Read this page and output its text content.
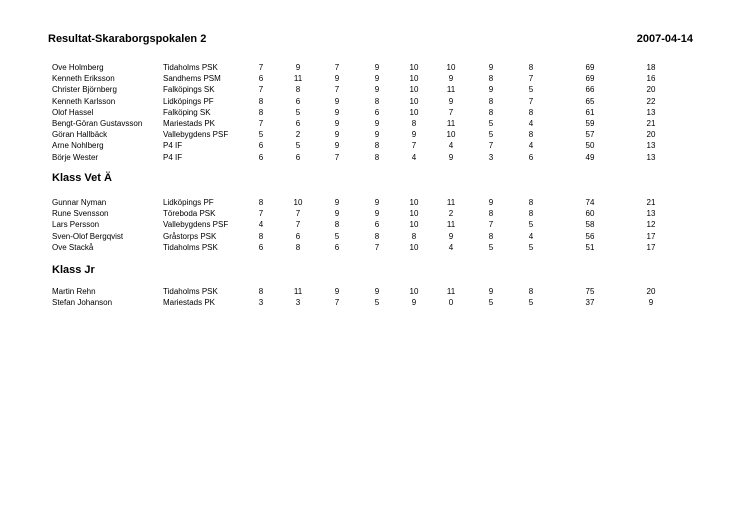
Resultat-Skaraborgspokalen 2	2007-04-14
Ove Holmberg	Tidaholms PSK	7	9	7	9	10	10	9	8	69	18
Kenneth Eriksson	Sandhems PSM	6	11	9	9	10	9	8	7	69	16
Christer Björnberg	Falköpings SK	7	8	7	9	10	11	9	5	66	20
Kenneth Karlsson	Lidköpings PF	8	6	9	8	10	9	8	7	65	22
Olof Hassel	Falköping SK	8	5	9	6	10	7	8	8	61	13
Bengt-Göran Gustavsson	Mariestads PK	7	6	9	9	8	11	5	4	59	21
Göran Hallbäck	Vallebygdens PSF	5	2	9	9	9	10	5	8	57	20
Arne Nohlberg	P4 IF	6	5	9	8	7	4	7	4	50	13
Börje Wester	P4 IF	6	6	7	8	4	9	3	6	49	13
Klass Vet Ä
Gunnar Nyman	Lidköpings PF	8	10	9	9	10	11	9	8	74	21
Rune Svensson	Töreboda PSK	7	7	9	9	10	2	8	8	60	13
Lars Persson	Vallebygdens PSF	4	7	8	6	10	11	7	5	58	12
Sven-Olof Bergqvist	Gråstorps PSK	8	6	5	8	8	9	8	4	56	17
Ove Stackå	Tidaholms PSK	6	8	6	7	10	4	5	5	51	17
Klass Jr
Martin Rehn	Tidaholms PSK	8	11	9	9	10	11	9	8	75	20
Stefan Johanson	Mariestads PK	3	3	7	5	9	0	5	5	37	9
